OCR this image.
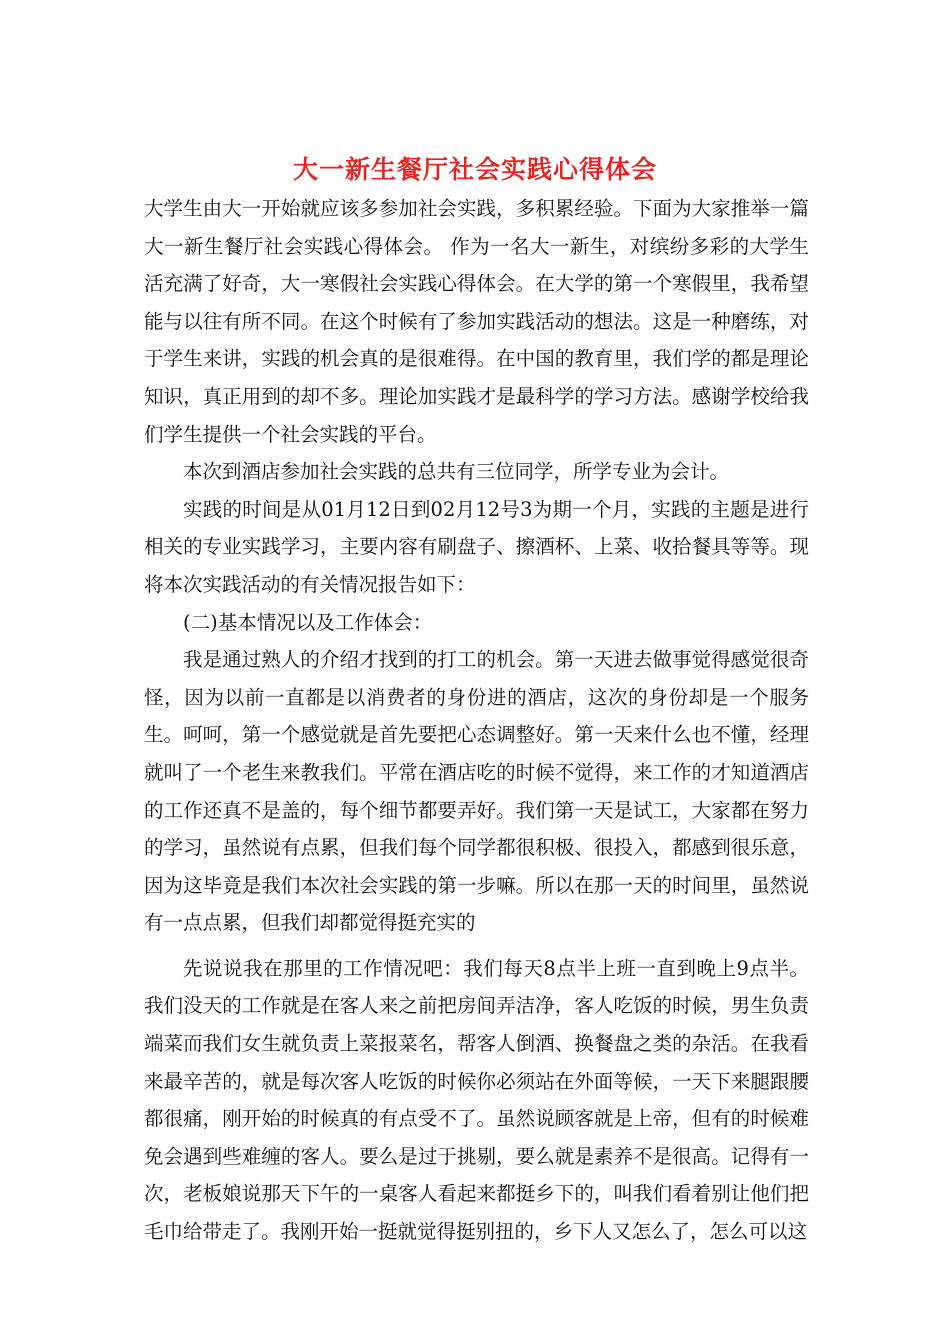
大一新生餐厅社会实践心得体会

大学生由大一开始就应该多参加社会实践，多积累经验。下面为大家推举一篇大一新生餐厅社会实践心得体会。 作为一名大一新生，对缤纷多彩的大学生活充满了好奇，大一寒假社会实践心得体会。在大学的第一个寒假里，我希望能与以往有所不同。在这个时候有了参加实践活动的想法。这是一种磨练，对于学生来讲，实践的机会真的是很难得。在中国的教育里，我们学的都是理论知识，真正用到的却不多。理论加实践才是最科学的学习方法。感谢学校给我们学生提供一个社会实践的平台。

本次到酒店参加社会实践的总共有三位同学，所学专业为会计。

实践的时间是从01月12日到02月12号3为期一个月，实践的主题是进行相关的专业实践学习，主要内容有刷盘子、擦酒杯、上菜、收拾餐具等等。现将本次实践活动的有关情况报告如下：

(二)基本情况以及工作体会：

我是通过熟人的介绍才找到的打工的机会。第一天进去做事觉得感觉很奇怪，因为以前一直都是以消费者的身份进的酒店，这次的身份却是一个服务生。呵呵，第一个感觉就是首先要把心态调整好。第一天来什么也不懂，经理就叫了一个老生来教我们。平常在酒店吃的时候不觉得，来工作的才知道酒店的工作还真不是盖的，每个细节都要弄好。我们第一天是试工，大家都在努力的学习，虽然说有点累，但我们每个同学都很积极、很投入，都感到很乐意，因为这毕竟是我们本次社会实践的第一步嘛。所以在那一天的时间里，虽然说有一点点累，但我们却都觉得挺充实的

先说说我在那里的工作情况吧：我们每天8点半上班一直到晚上9点半。我们没天的工作就是在客人来之前把房间弄洁净，客人吃饭的时候，男生负责端菜而我们女生就负责上菜报菜名，帮客人倒酒、换餐盘之类的杂活。在我看来最辛苦的，就是每次客人吃饭的时候你必须站在外面等候，一天下来腿跟腰都很痛，刚开始的时候真的有点受不了。虽然说顾客就是上帝，但有的时候难免会遇到些难缠的客人。要么是过于挑剔，要么就是素养不是很高。记得有一次，老板娘说那天下午的一桌客人看起来都挺乡下的，叫我们看着别让他们把毛巾给带走了。我刚开始一挺就觉得挺别扭的，乡下人又怎么了，怎么可以这
